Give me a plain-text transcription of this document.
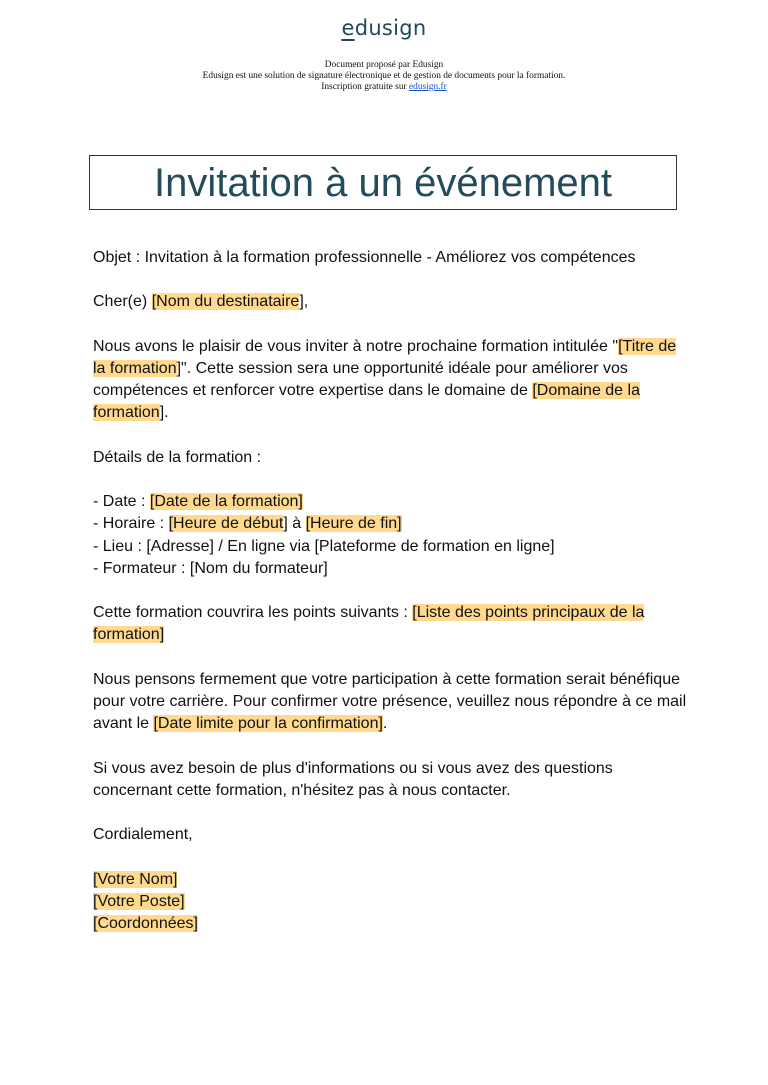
edusign
Document proposé par Edusign
Edusign est une solution de signature électronique et de gestion de documents pour la formation.
Inscription gratuite sur edusign.fr
Invitation à un événement

Objet : Invitation à la formation professionnelle - Améliorez vos compétences

Cher(e) [Nom du destinataire],

Nous avons le plaisir de vous inviter à notre prochaine formation intitulée "[Titre de la formation]". Cette session sera une opportunité idéale pour améliorer vos compétences et renforcer votre expertise dans le domaine de [Domaine de la formation].

Détails de la formation :

- Date : [Date de la formation]
- Horaire : [Heure de début] à [Heure de fin]
- Lieu : [Adresse] / En ligne via [Plateforme de formation en ligne]
- Formateur : [Nom du formateur]

Cette formation couvrira les points suivants : [Liste des points principaux de la formation]

Nous pensons fermement que votre participation à cette formation serait bénéfique pour votre carrière. Pour confirmer votre présence, veuillez nous répondre à ce mail avant le [Date limite pour la confirmation].

Si vous avez besoin de plus d'informations ou si vous avez des questions concernant cette formation, n'hésitez pas à nous contacter.

Cordialement,

[Votre Nom]
[Votre Poste]
[Coordonnées]
